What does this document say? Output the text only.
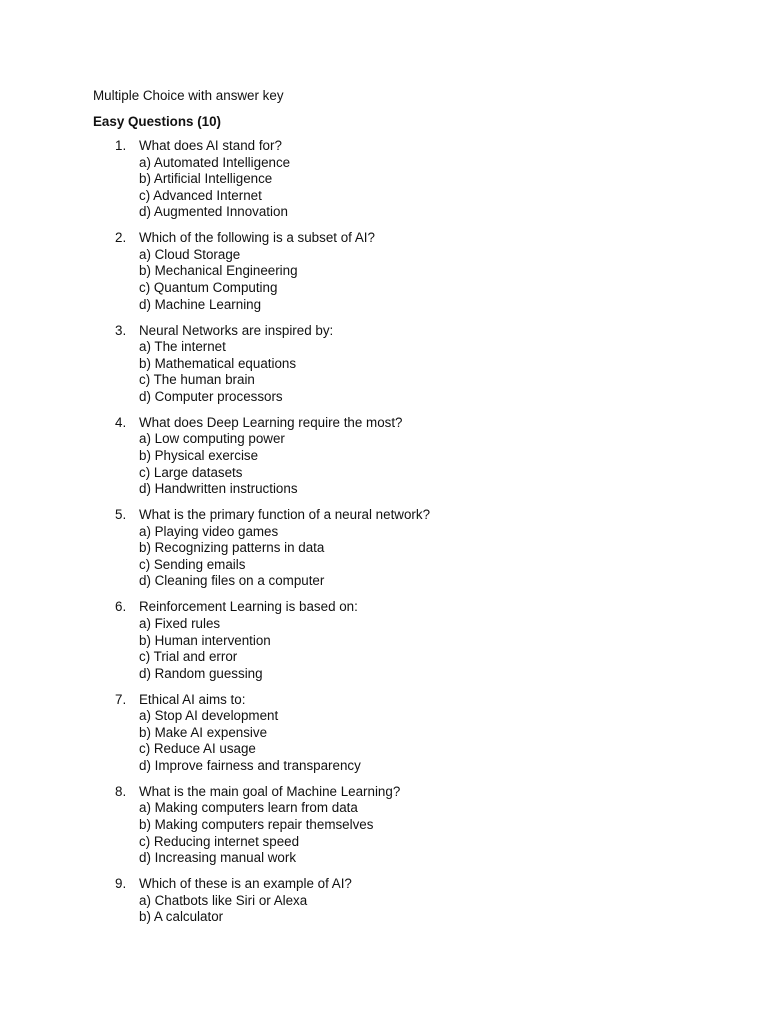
Multiple Choice with answer key
Easy Questions (10)
1. What does AI stand for?
a) Automated Intelligence
b) Artificial Intelligence
c) Advanced Internet
d) Augmented Innovation
2. Which of the following is a subset of AI?
a) Cloud Storage
b) Mechanical Engineering
c) Quantum Computing
d) Machine Learning
3. Neural Networks are inspired by:
a) The internet
b) Mathematical equations
c) The human brain
d) Computer processors
4. What does Deep Learning require the most?
a) Low computing power
b) Physical exercise
c) Large datasets
d) Handwritten instructions
5. What is the primary function of a neural network?
a) Playing video games
b) Recognizing patterns in data
c) Sending emails
d) Cleaning files on a computer
6. Reinforcement Learning is based on:
a) Fixed rules
b) Human intervention
c) Trial and error
d) Random guessing
7. Ethical AI aims to:
a) Stop AI development
b) Make AI expensive
c) Reduce AI usage
d) Improve fairness and transparency
8. What is the main goal of Machine Learning?
a) Making computers learn from data
b) Making computers repair themselves
c) Reducing internet speed
d) Increasing manual work
9. Which of these is an example of AI?
a) Chatbots like Siri or Alexa
b) A calculator
